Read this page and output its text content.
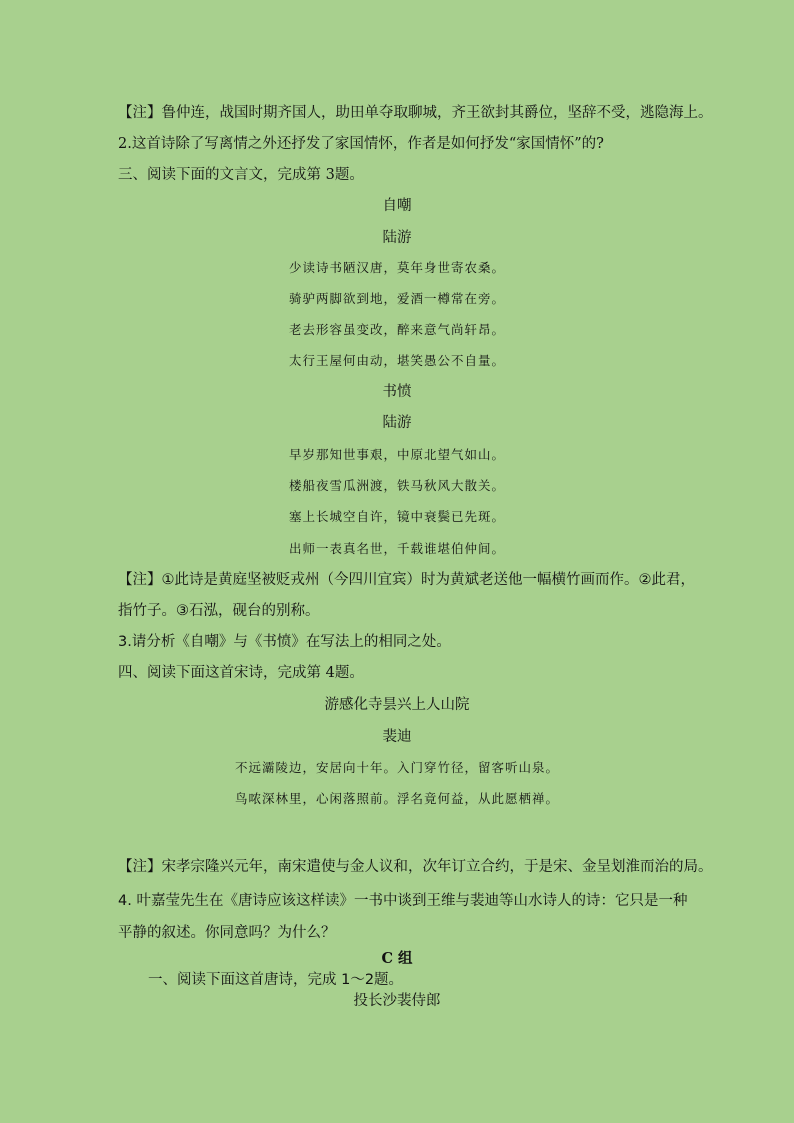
【注】鲁仲连，战国时期齐国人，助田单夺取聊城，齐王欲封其爵位，坚辞不受，逃隐海上。
2.这首诗除了写离情之外还抒发了家国情怀，作者是如何抒发“家国情怀”的?
三、阅读下面的文言文，完成第 3题。
自嘲
陆游
少读诗书陋汉唐，莫年身世寄农桑。
骑驴两脚欲到地，爱酒一樽常在旁。
老去形容虽变改，醉来意气尚轩昂。
太行王屋何由动，堪笑愚公不自量。
书愤
陆游
早岁那知世事艰，中原北望气如山。
楼船夜雪瓜洲渡，铁马秋风大散关。
塞上长城空自许，镜中衰鬓已先斑。
出师一表真名世，千载谁堪伯仲间。
【注】①此诗是黄庭坚被贬戎州（今四川宜宾）时为黄斌老送他一幅横竹画而作。②此君，
指竹子。③石泓，砚台的别称。
3.请分析《自嘲》与《书愤》在写法上的相同之处。
四、阅读下面这首宋诗，完成第 4题。
游感化寺昙兴上人山院
裴迪
不远灞陵边，安居向十年。入门穿竹径，留客听山泉。
鸟哝深林里，心闲落照前。浮名竟何益，从此愿栖禅。
【注】宋孝宗隆兴元年，南宋遣使与金人议和，次年订立合约，于是宋、金呈划淮而治的局。
4. 叶嘉莹先生在《唐诗应该这样读》一书中谈到王维与裴迪等山水诗人的诗：它只是一种
平静的叙述。你同意吗？为什么？
C 组
一、阅读下面这首唐诗，完成 1～2题。
投长沙裴侍郎
